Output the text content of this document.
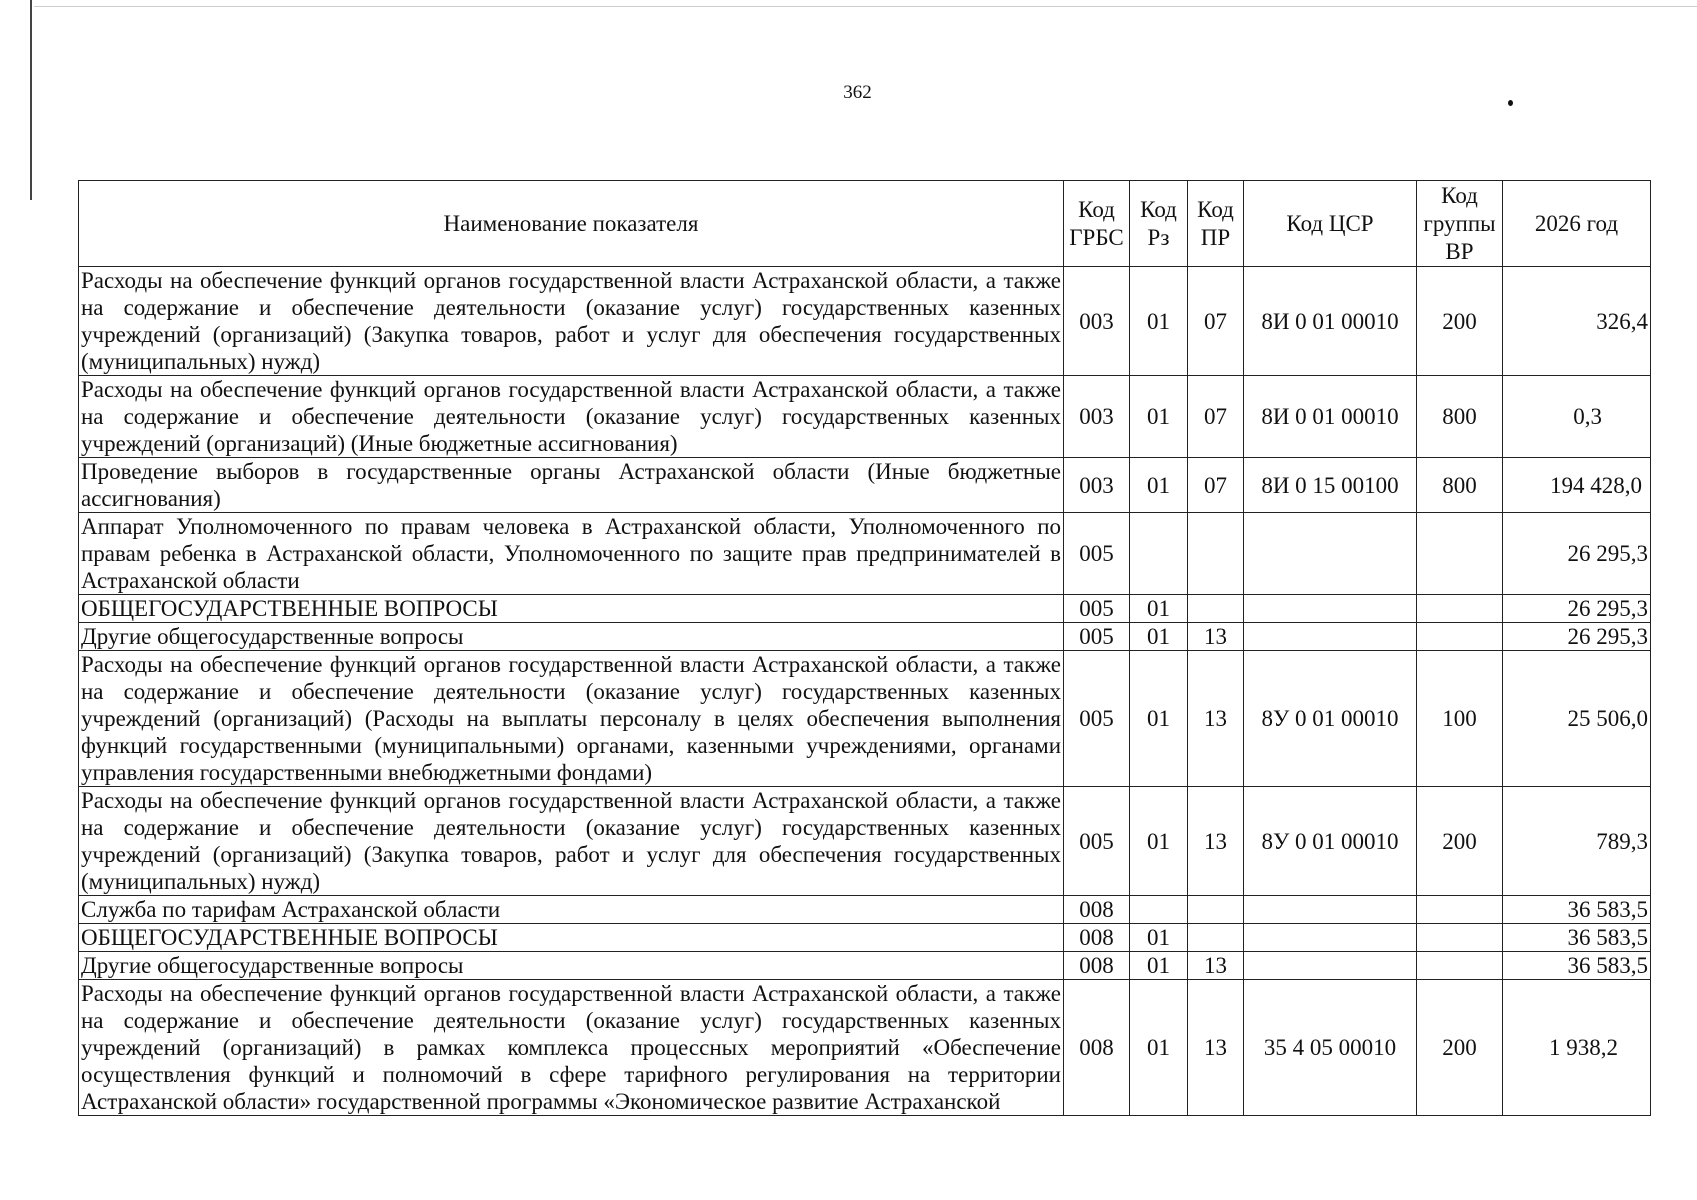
362
Наименование показателя	Код ГРБС	Код Рз	Код ПР	Код ЦСР	Код группы ВР	2026 год
Расходы на обеспечение функций органов государственной власти Астраханской области, а также на содержание и обеспечение деятельности (оказание услуг) государственных казенных учреждений (организаций) (Закупка товаров, работ и услуг для обеспечения государственных (муниципальных) нужд)	003	01	07	8И 0 01 00010	200	326,4
Расходы на обеспечение функций органов государственной власти Астраханской области, а также на содержание и обеспечение деятельности (оказание услуг) государственных казенных учреждений (организаций) (Иные бюджетные ассигнования)	003	01	07	8И 0 01 00010	800	0,3
Проведение выборов в государственные органы Астраханской области (Иные бюджетные ассигнования)	003	01	07	8И 0 15 00100	800	194 428,0
Аппарат Уполномоченного по правам человека в Астраханской области, Уполномоченного по правам ребенка в Астраханской области, Уполномоченного по защите прав предпринимателей в Астраханской области	005					26 295,3
ОБЩЕГОСУДАРСТВЕННЫЕ ВОПРОСЫ	005	01				26 295,3
Другие общегосударственные вопросы	005	01	13			26 295,3
Расходы на обеспечение функций органов государственной власти Астраханской области, а также на содержание и обеспечение деятельности (оказание услуг) государственных казенных учреждений (организаций) (Расходы на выплаты персоналу в целях обеспечения выполнения функций государственными (муниципальными) органами, казенными учреждениями, органами управления государственными внебюджетными фондами)	005	01	13	8У 0 01 00010	100	25 506,0
Расходы на обеспечение функций органов государственной власти Астраханской области, а также на содержание и обеспечение деятельности (оказание услуг) государственных казенных учреждений (организаций) (Закупка товаров, работ и услуг для обеспечения государственных (муниципальных) нужд)	005	01	13	8У 0 01 00010	200	789,3
Служба по тарифам Астраханской области	008					36 583,5
ОБЩЕГОСУДАРСТВЕННЫЕ ВОПРОСЫ	008	01				36 583,5
Другие общегосударственные вопросы	008	01	13			36 583,5
Расходы на обеспечение функций органов государственной власти Астраханской области, а также на содержание и обеспечение деятельности (оказание услуг) государственных казенных учреждений (организаций) в рамках комплекса процессных мероприятий «Обеспечение осуществления функций и полномочий в сфере тарифного регулирования на территории Астраханской области» государственной программы «Экономическое развитие Астраханской	008	01	13	35 4 05 00010	200	1 938,2
